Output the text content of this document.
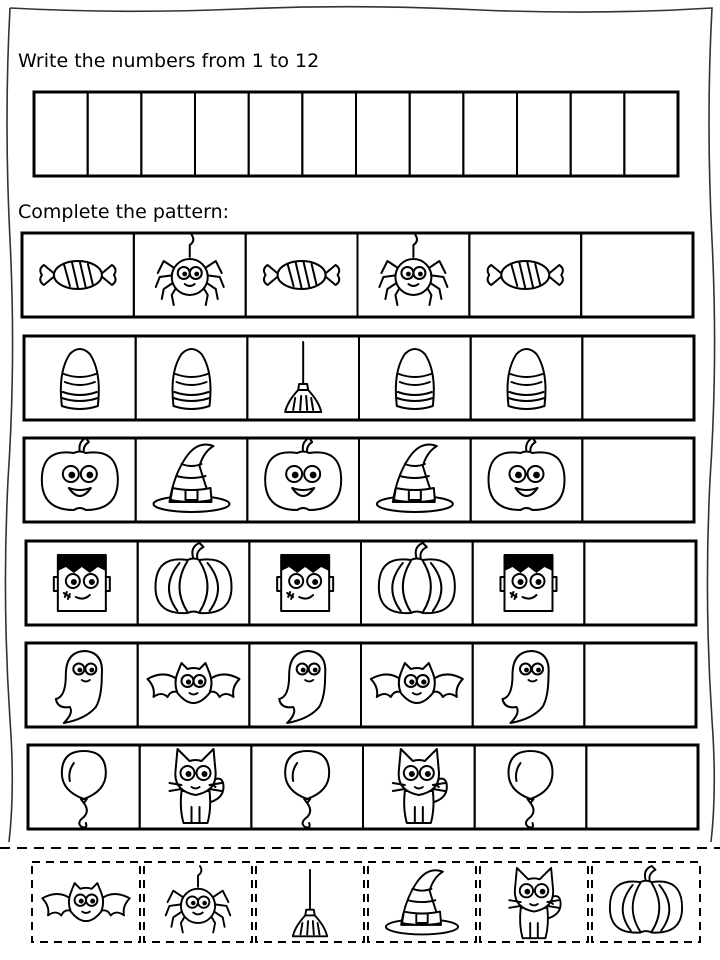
Write the numbers from 1 to 12
Complete the pattern:
